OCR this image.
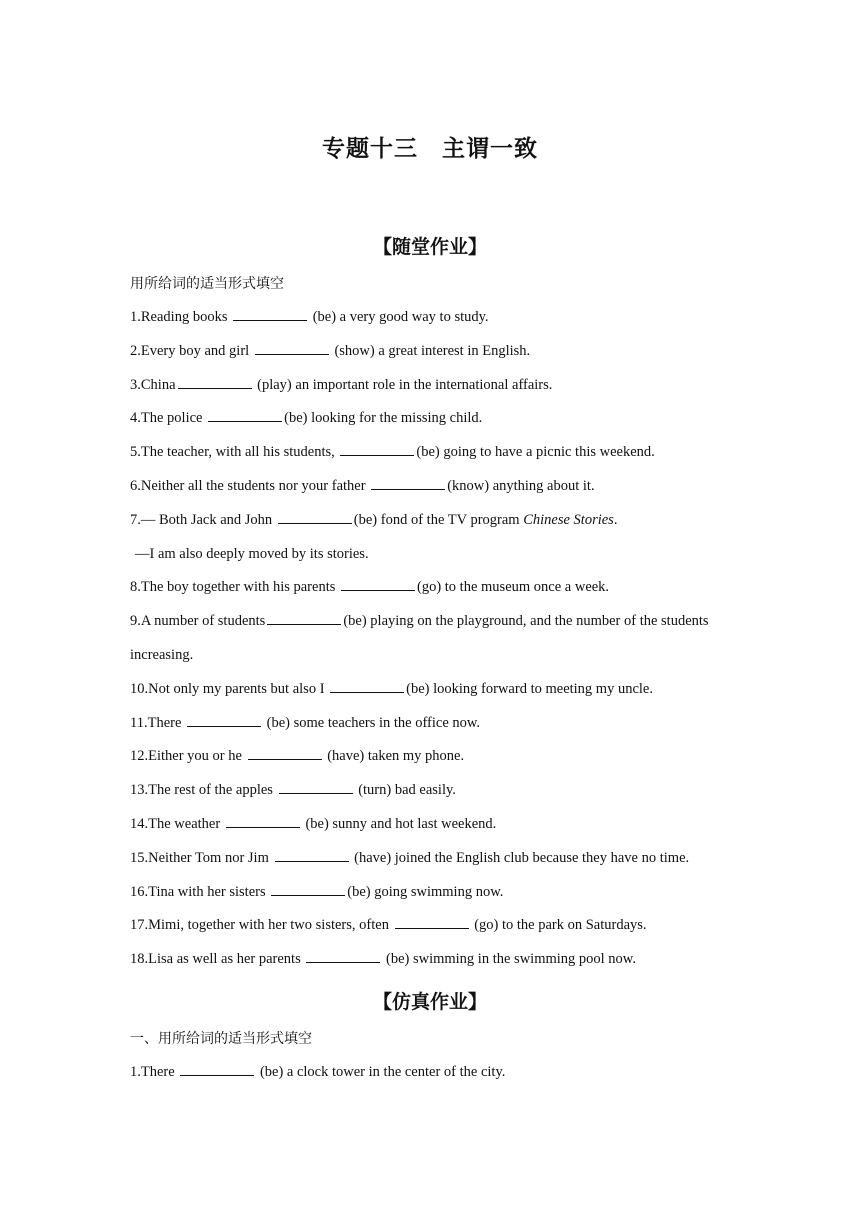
专题十三　主谓一致
【随堂作业】
用所给词的适当形式填空
1.Reading books	(be) a very good way to study.
2.Every boy and girl	(show) a great interest in English.
3.China	(play) an important role in the international affairs.
4.The police	(be) looking for the missing child.
5.The teacher, with all his students,	(be) going to have a picnic this weekend.
6.Neither all the students nor your father	(know) anything about it.
7.— Both Jack and John	(be) fond of the TV program Chinese Stories.
—I am also deeply moved by its stories.
8.The boy together with his parents	(go) to the museum once a week.
9.A number of students	(be) playing on the playground, and the number of the students
increasing.
10.Not only my parents but also I	(be) looking forward to meeting my uncle.
11.There	(be) some teachers in the office now.
12.Either you or he	(have) taken my phone.
13.The rest of the apples	(turn) bad easily.
14.The weather	(be) sunny and hot last weekend.
15.Neither Tom nor Jim	(have) joined the English club because they have no time.
16.Tina with her sisters	(be) going swimming now.
17.Mimi, together with her two sisters, often	(go) to the park on Saturdays.
18.Lisa as well as her parents	(be) swimming in the swimming pool now.
【仿真作业】
一、用所给词的适当形式填空
1.There	(be) a clock tower in the center of the city.
